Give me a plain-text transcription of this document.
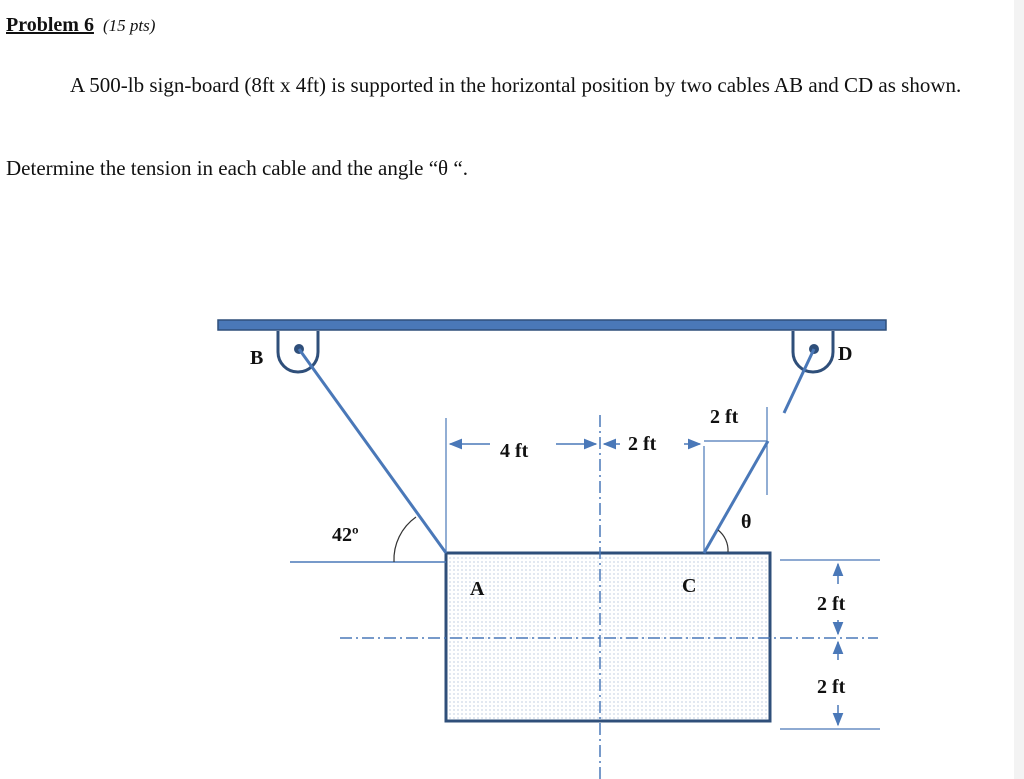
Problem 6 (15 pts)
A 500-lb sign-board (8ft x 4ft) is supported in the horizontal position by two cables AB and CD as shown.
Determine the tension in each cable and the angle “θ “.
B	D
42º
θ
4 ft	2 ft
2 ft
A	C
2 ft
2 ft
